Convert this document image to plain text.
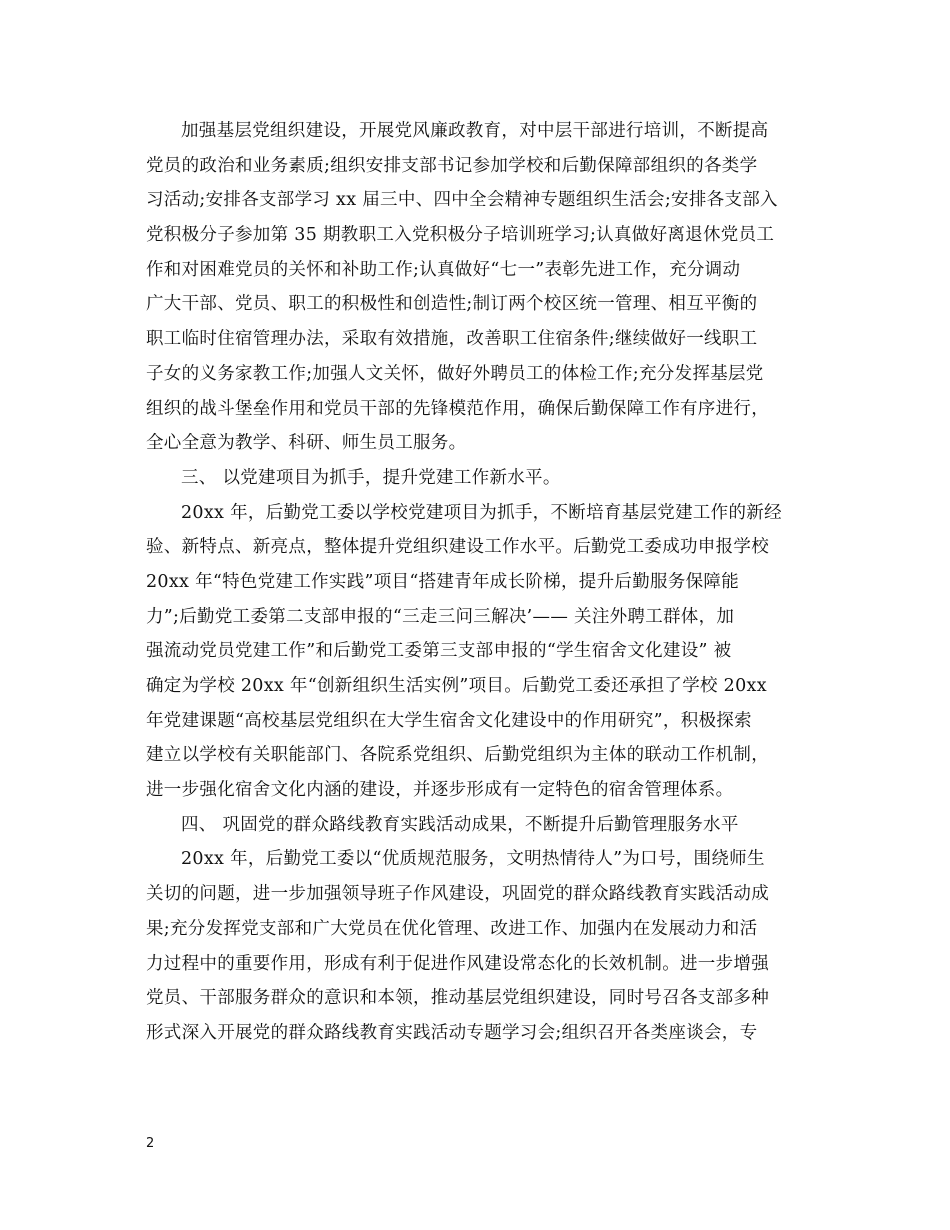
加强基层党组织建设，开展党风廉政教育，对中层干部进行培训，不断提高
党员的政治和业务素质;组织安排支部书记参加学校和后勤保障部组织的各类学
习活动;安排各支部学习 xx 届三中、四中全会精神专题组织生活会;安排各支部入
党积极分子参加第 35 期教职工入党积极分子培训班学习;认真做好离退休党员工
作和对困难党员的关怀和补助工作;认真做好“七一”表彰先进工作，充分调动
广大干部、党员、职工的积极性和创造性;制订两个校区统一管理、相互平衡的
职工临时住宿管理办法，采取有效措施，改善职工住宿条件;继续做好一线职工
子女的义务家教工作;加强人文关怀，做好外聘员工的体检工作;充分发挥基层党
组织的战斗堡垒作用和党员干部的先锋模范作用，确保后勤保障工作有序进行，
全心全意为教学、科研、师生员工服务。
三、 以党建项目为抓手，提升党建工作新水平。
20xx 年，后勤党工委以学校党建项目为抓手，不断培育基层党建工作的新经
验、新特点、新亮点，整体提升党组织建设工作水平。后勤党工委成功申报学校
20xx 年“特色党建工作实践”项目“搭建青年成长阶梯，提升后勤服务保障能
力”;后勤党工委第二支部申报的“三走三问三解决’—— 关注外聘工群体，加
强流动党员党建工作”和后勤党工委第三支部申报的“学生宿舍文化建设” 被
确定为学校 20xx 年“创新组织生活实例”项目。后勤党工委还承担了学校 20xx
年党建课题“高校基层党组织在大学生宿舍文化建设中的作用研究”，积极探索
建立以学校有关职能部门、各院系党组织、后勤党组织为主体的联动工作机制，
进一步强化宿舍文化内涵的建设，并逐步形成有一定特色的宿舍管理体系。
四、 巩固党的群众路线教育实践活动成果，不断提升后勤管理服务水平
20xx 年，后勤党工委以“优质规范服务，文明热情待人”为口号，围绕师生
关切的问题，进一步加强领导班子作风建设，巩固党的群众路线教育实践活动成
果;充分发挥党支部和广大党员在优化管理、改进工作、加强内在发展动力和活
力过程中的重要作用，形成有利于促进作风建设常态化的长效机制。进一步增强
党员、干部服务群众的意识和本领，推动基层党组织建设，同时号召各支部多种
形式深入开展党的群众路线教育实践活动专题学习会;组织召开各类座谈会，专
2
